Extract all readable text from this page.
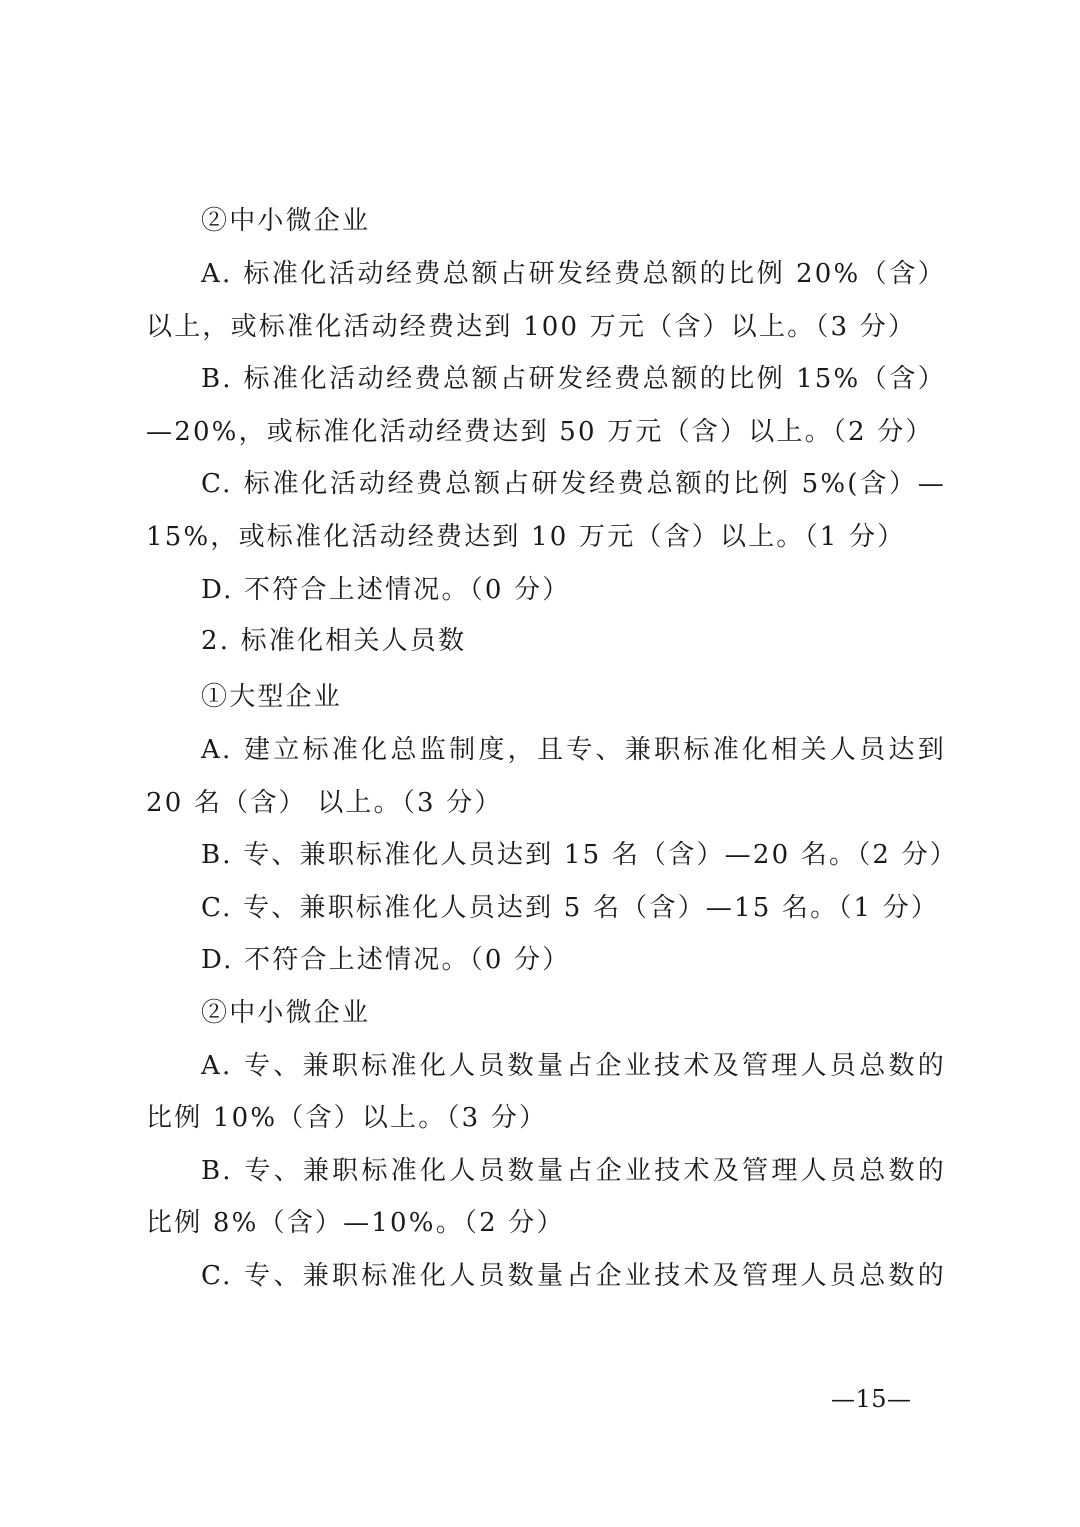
②中小微企业
A. 标准化活动经费总额占研发经费总额的比例 20%（含）
以上，或标准化活动经费达到 100 万元（含）以上。（3 分）
B. 标准化活动经费总额占研发经费总额的比例 15%（含）
—20%，或标准化活动经费达到 50 万元（含）以上。（2 分）
C. 标准化活动经费总额占研发经费总额的比例 5%(含）—
15%，或标准化活动经费达到 10 万元（含）以上。（1 分）
D. 不符合上述情况。（0 分）
2. 标准化相关人员数
①大型企业
A. 建立标准化总监制度，且专、兼职标准化相关人员达到
20 名（含） 以上。（3 分）
B. 专、兼职标准化人员达到 15 名（含）—20 名。（2 分）
C. 专、兼职标准化人员达到 5 名（含）—15 名。（1 分）
D. 不符合上述情况。（0 分）
②中小微企业
A. 专、兼职标准化人员数量占企业技术及管理人员总数的
比例 10%（含）以上。（3 分）
B. 专、兼职标准化人员数量占企业技术及管理人员总数的
比例 8%（含）—10%。（2 分）
C. 专、兼职标准化人员数量占企业技术及管理人员总数的
—15—
